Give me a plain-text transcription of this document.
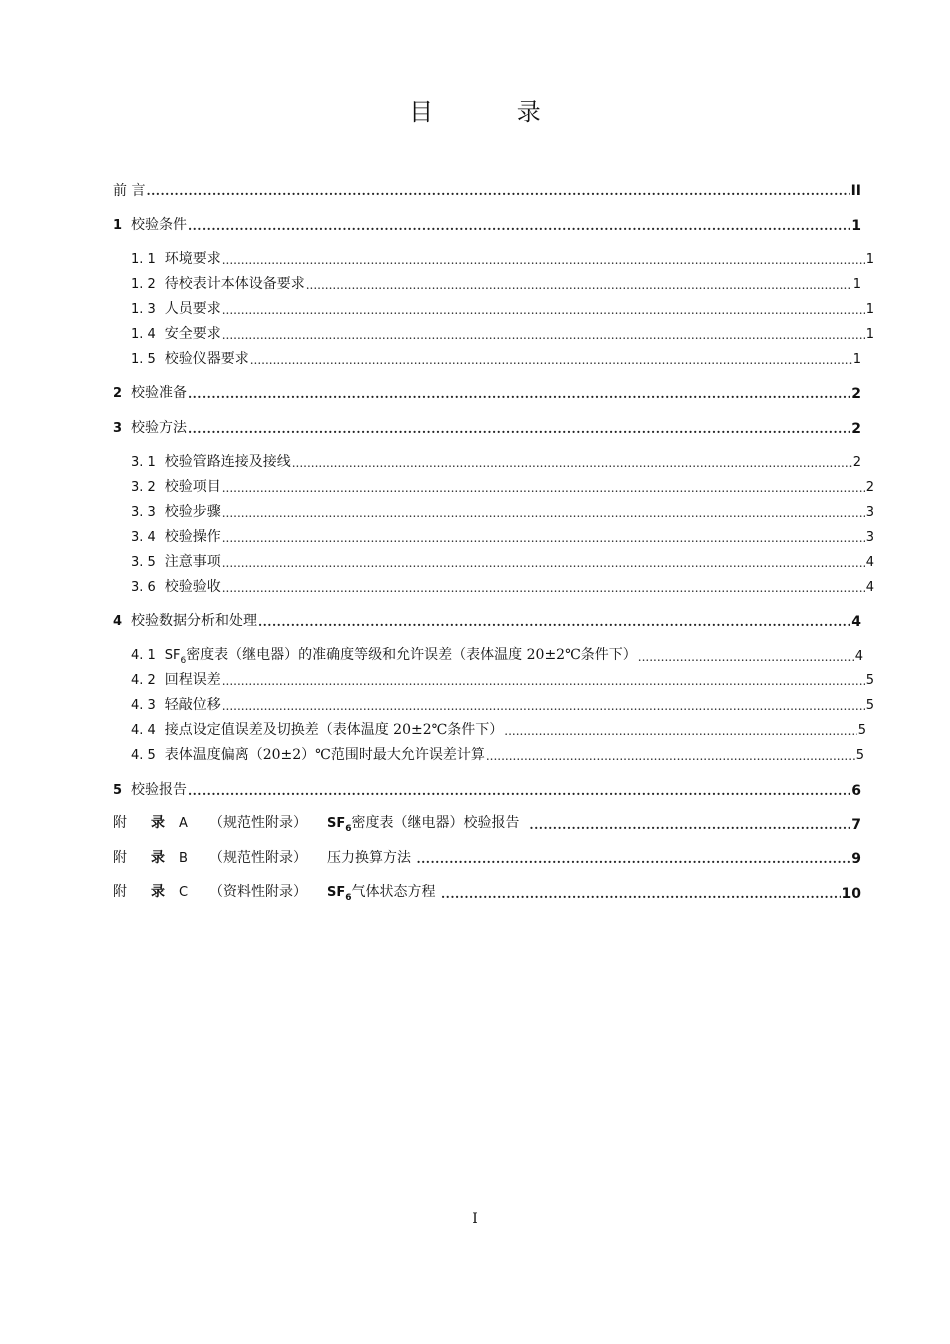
目 录
前 言 .....	II
1 校验条件 .....	1
1. 1 环境要求 .....	1
1. 2 待校表计本体设备要求 .....	1
1. 3 人员要求 .....	1
1. 4 安全要求 .....	1
1. 5 校验仪器要求 .....	1
2 校验准备 .....	2
3 校验方法 .....	2
3. 1 校验管路连接及接线 .....	2
3. 2 校验项目 .....	2
3. 3 校验步骤 .....	3
3. 4 校验操作 .....	3
3. 5 注意事项 .....	4
3. 6 校验验收 .....	4
4 校验数据分析和处理 .....	4
4. 1 $SF_6$密度表（继电器）的准确度等级和允许误差（表体温度 20±2℃条件下） .....	4
4. 2 回程误差 .....	5
4. 3 轻敲位移 .....	5
4. 4 接点设定值误差及切换差（表体温度 20±2℃条件下） .....	5
4. 5 表体温度偏离（20±2）℃范围时最大允许误差计算 .....	5
5 校验报告 .....	6
附 录 A （规范性附录） $SF_6$密度表（继电器）校验报告 .....	7
附 录 B （规范性附录） 压力换算方法 .....	9
附 录 C （资料性附录） $SF_6$气体状态方程 .....	10
I
